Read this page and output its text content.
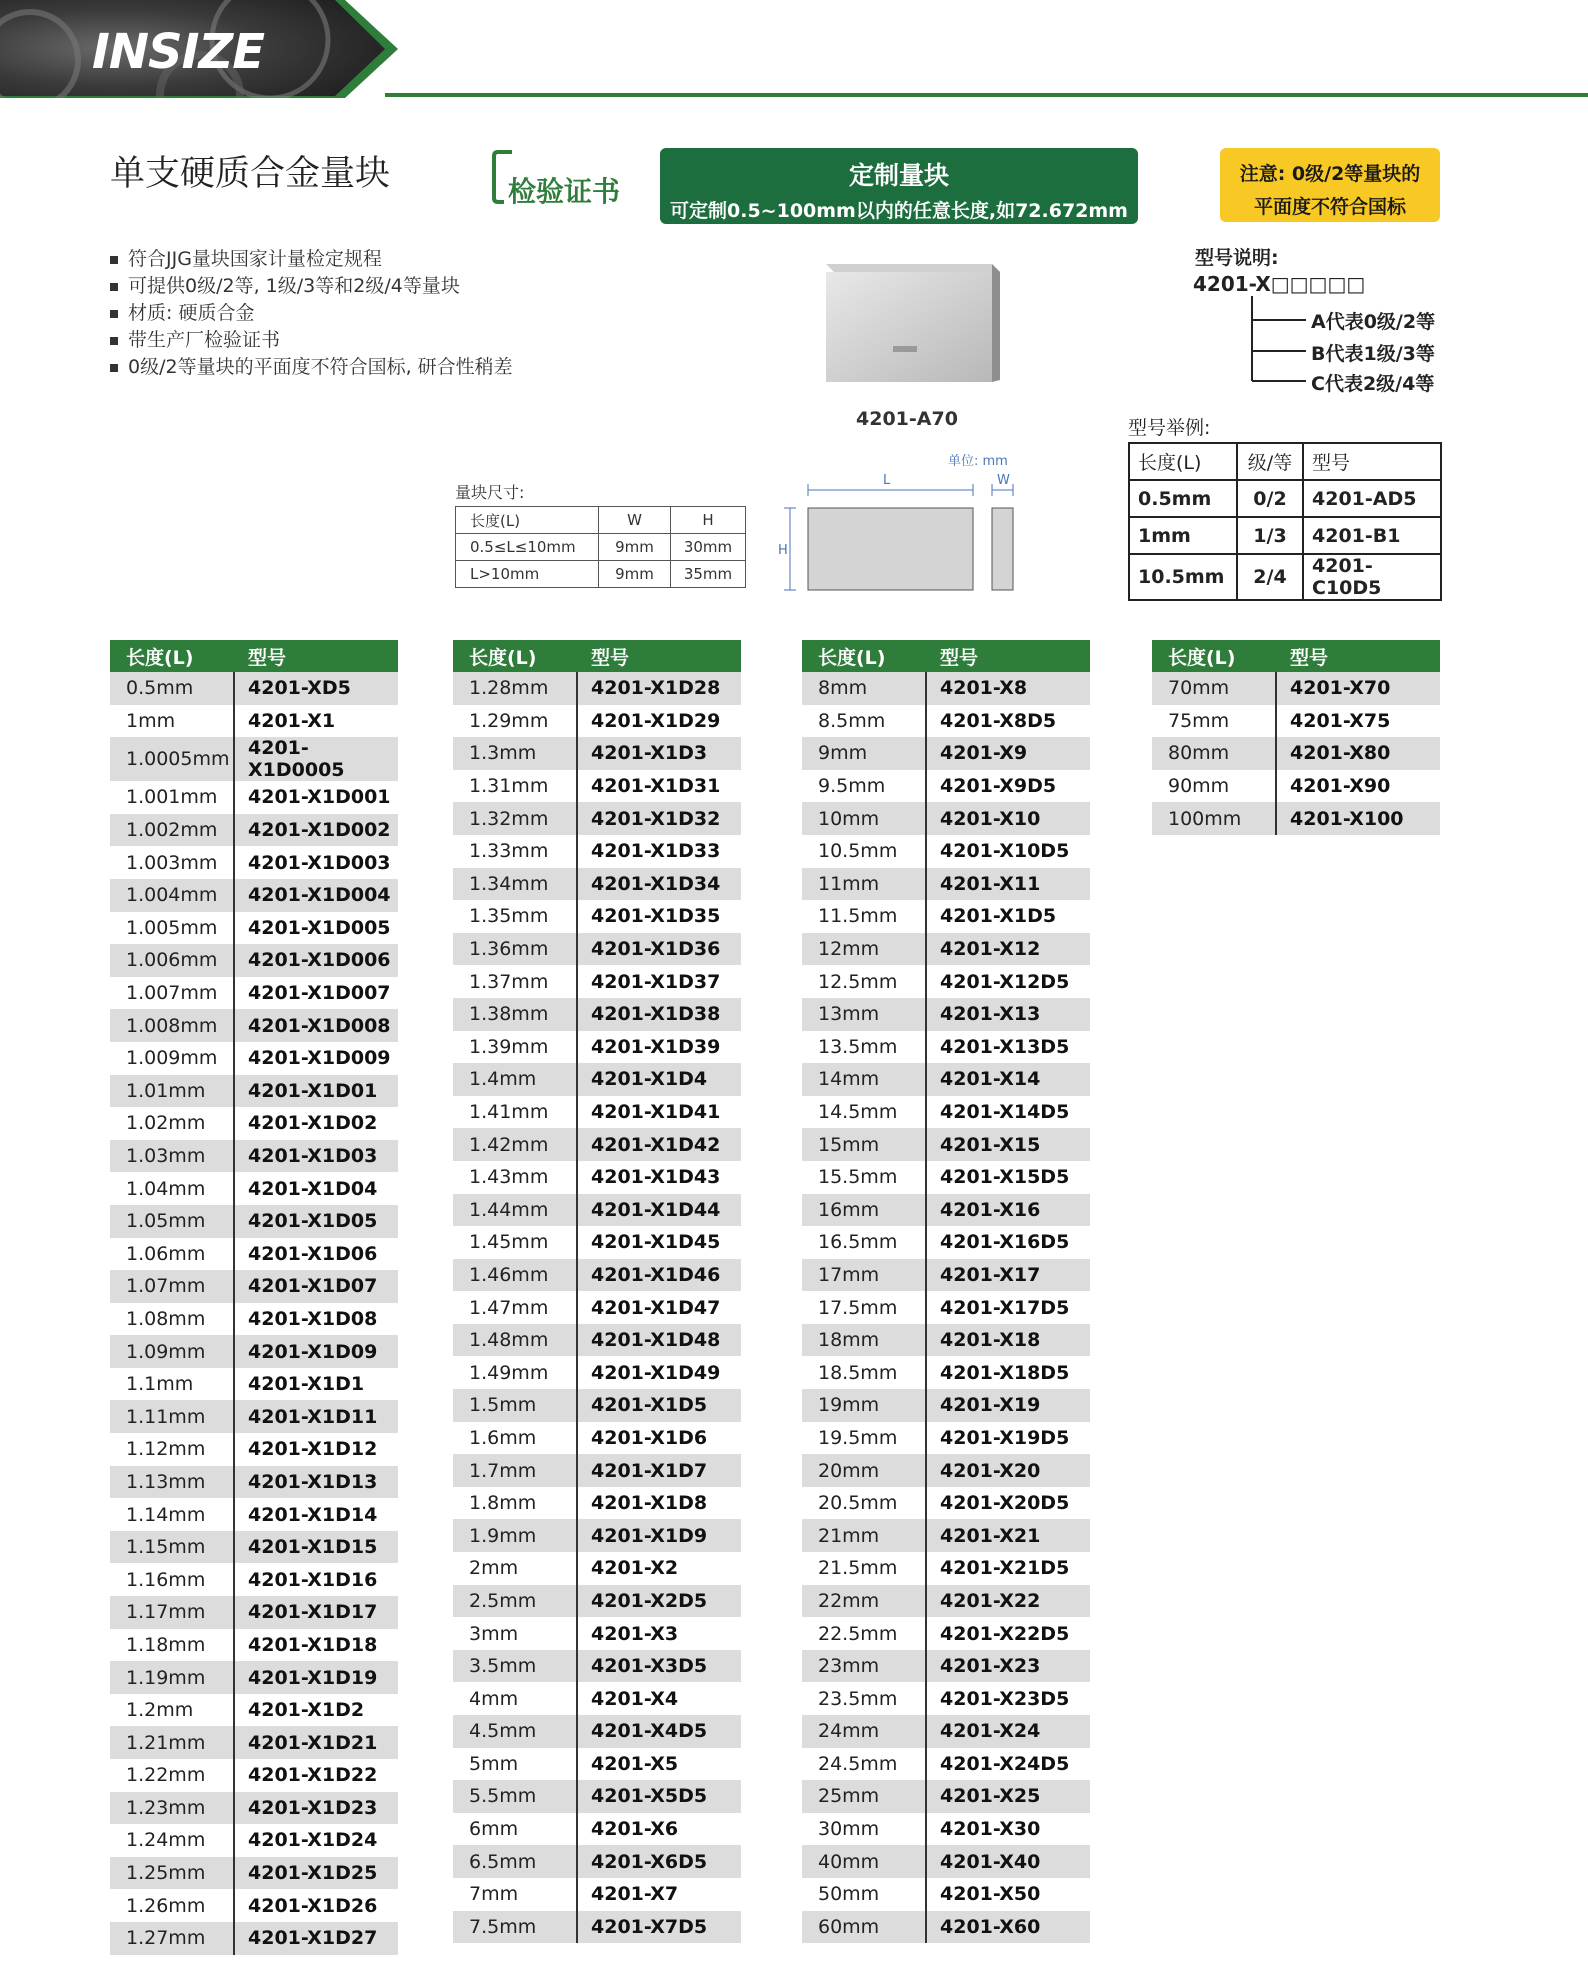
INSIZE
单支硬质合金量块	检验证书	定制量块
可定制0.5~100mm以内的任意长度,如72.672mm
注意: 0级/2等量块的
平面度不符合国标
符合JJG量块国家计量检定规程
可提供0级/2等, 1级/3等和2级/4等量块
材质: 硬质合金
带生产厂检验证书
0级/2等量块的平面度不符合国标, 研合性稍差
4201-A70
型号说明:
4201-X□□□□□
A代表0级/2等
B代表1级/3等
C代表2级/4等
型号举例:
长度(L)	级/等	型号
0.5mm	0/2	4201-AD5
1mm	1/3	4201-B1
10.5mm	2/4	4201-C10D5
量块尺寸:
长度(L)	W	H
0.5≤L≤10mm	9mm	30mm
L>10mm	9mm	35mm
单位: mm
L	W
H
长度(L)	型号
0.5mm	4201-XD5
1mm	4201-X1
1.0005mm	4201-X1D0005
1.001mm	4201-X1D001
1.002mm	4201-X1D002
1.003mm	4201-X1D003
1.004mm	4201-X1D004
1.005mm	4201-X1D005
1.006mm	4201-X1D006
1.007mm	4201-X1D007
1.008mm	4201-X1D008
1.009mm	4201-X1D009
1.01mm	4201-X1D01
1.02mm	4201-X1D02
1.03mm	4201-X1D03
1.04mm	4201-X1D04
1.05mm	4201-X1D05
1.06mm	4201-X1D06
1.07mm	4201-X1D07
1.08mm	4201-X1D08
1.09mm	4201-X1D09
1.1mm	4201-X1D1
1.11mm	4201-X1D11
1.12mm	4201-X1D12
1.13mm	4201-X1D13
1.14mm	4201-X1D14
1.15mm	4201-X1D15
1.16mm	4201-X1D16
1.17mm	4201-X1D17
1.18mm	4201-X1D18
1.19mm	4201-X1D19
1.2mm	4201-X1D2
1.21mm	4201-X1D21
1.22mm	4201-X1D22
1.23mm	4201-X1D23
1.24mm	4201-X1D24
1.25mm	4201-X1D25
1.26mm	4201-X1D26
1.27mm	4201-X1D27
长度(L)	型号
1.28mm	4201-X1D28
1.29mm	4201-X1D29
1.3mm	4201-X1D3
1.31mm	4201-X1D31
1.32mm	4201-X1D32
1.33mm	4201-X1D33
1.34mm	4201-X1D34
1.35mm	4201-X1D35
1.36mm	4201-X1D36
1.37mm	4201-X1D37
1.38mm	4201-X1D38
1.39mm	4201-X1D39
1.4mm	4201-X1D4
1.41mm	4201-X1D41
1.42mm	4201-X1D42
1.43mm	4201-X1D43
1.44mm	4201-X1D44
1.45mm	4201-X1D45
1.46mm	4201-X1D46
1.47mm	4201-X1D47
1.48mm	4201-X1D48
1.49mm	4201-X1D49
1.5mm	4201-X1D5
1.6mm	4201-X1D6
1.7mm	4201-X1D7
1.8mm	4201-X1D8
1.9mm	4201-X1D9
2mm	4201-X2
2.5mm	4201-X2D5
3mm	4201-X3
3.5mm	4201-X3D5
4mm	4201-X4
4.5mm	4201-X4D5
5mm	4201-X5
5.5mm	4201-X5D5
6mm	4201-X6
6.5mm	4201-X6D5
7mm	4201-X7
7.5mm	4201-X7D5
长度(L)	型号
8mm	4201-X8
8.5mm	4201-X8D5
9mm	4201-X9
9.5mm	4201-X9D5
10mm	4201-X10
10.5mm	4201-X10D5
11mm	4201-X11
11.5mm	4201-X1D5
12mm	4201-X12
12.5mm	4201-X12D5
13mm	4201-X13
13.5mm	4201-X13D5
14mm	4201-X14
14.5mm	4201-X14D5
15mm	4201-X15
15.5mm	4201-X15D5
16mm	4201-X16
16.5mm	4201-X16D5
17mm	4201-X17
17.5mm	4201-X17D5
18mm	4201-X18
18.5mm	4201-X18D5
19mm	4201-X19
19.5mm	4201-X19D5
20mm	4201-X20
20.5mm	4201-X20D5
21mm	4201-X21
21.5mm	4201-X21D5
22mm	4201-X22
22.5mm	4201-X22D5
23mm	4201-X23
23.5mm	4201-X23D5
24mm	4201-X24
24.5mm	4201-X24D5
25mm	4201-X25
30mm	4201-X30
40mm	4201-X40
50mm	4201-X50
60mm	4201-X60
长度(L)	型号
70mm	4201-X70
75mm	4201-X75
80mm	4201-X80
90mm	4201-X90
100mm	4201-X100
